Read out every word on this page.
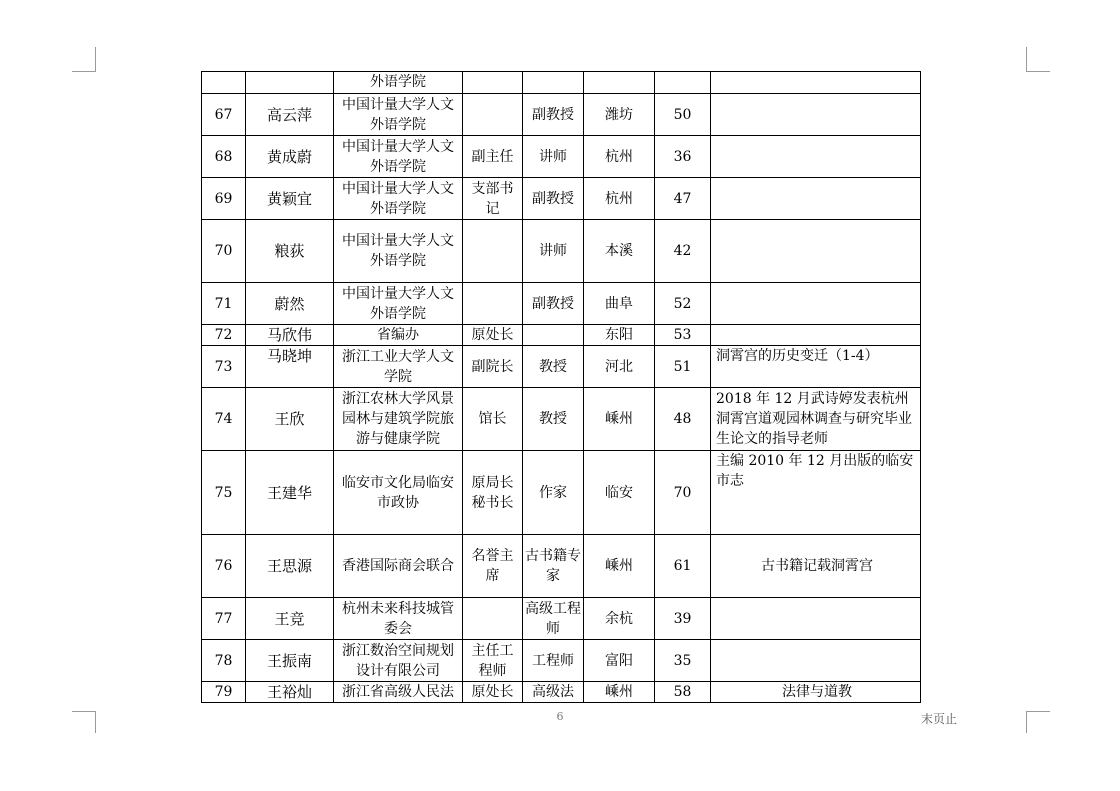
		外语学院					
67	高云萍	中国计量大学人文外语学院		副教授	潍坊	50	
68	黄成蔚	中国计量大学人文外语学院	副主任	讲师	杭州	36	
69	黄颖宜	中国计量大学人文外语学院	支部书记	副教授	杭州	47	
70	粮荻	中国计量大学人文外语学院		讲师	本溪	42	
71	蔚然	中国计量大学人文外语学院		副教授	曲阜	52	
72	马欣伟	省编办	原处长		东阳	53	
73	马晓坤	浙江工业大学人文学院	副院长	教授	河北	51	洞霄宫的历史变迁（1-4）
74	王欣	浙江农林大学风景园林与建筑学院旅游与健康学院	馆长	教授	嵊州	48	2018 年 12 月武诗婷发表杭州洞霄宫道观园林调查与研究毕业生论文的指导老师
75	王建华	临安市文化局临安市政协	原局长秘书长	作家	临安	70	主编 2010 年 12 月出版的临安市志
76	王思源	香港国际商会联合	名誉主席	古书籍专家	嵊州	61	古书籍记载洞霄宫
77	王竞	杭州未来科技城管委会		高级工程师	余杭	39	
78	王振南	浙江数治空间规划设计有限公司	主任工程师	工程师	富阳	35	
79	王裕灿	浙江省高级人民法	原处长	高级法	嵊州	58	法律与道教
6	末页止
